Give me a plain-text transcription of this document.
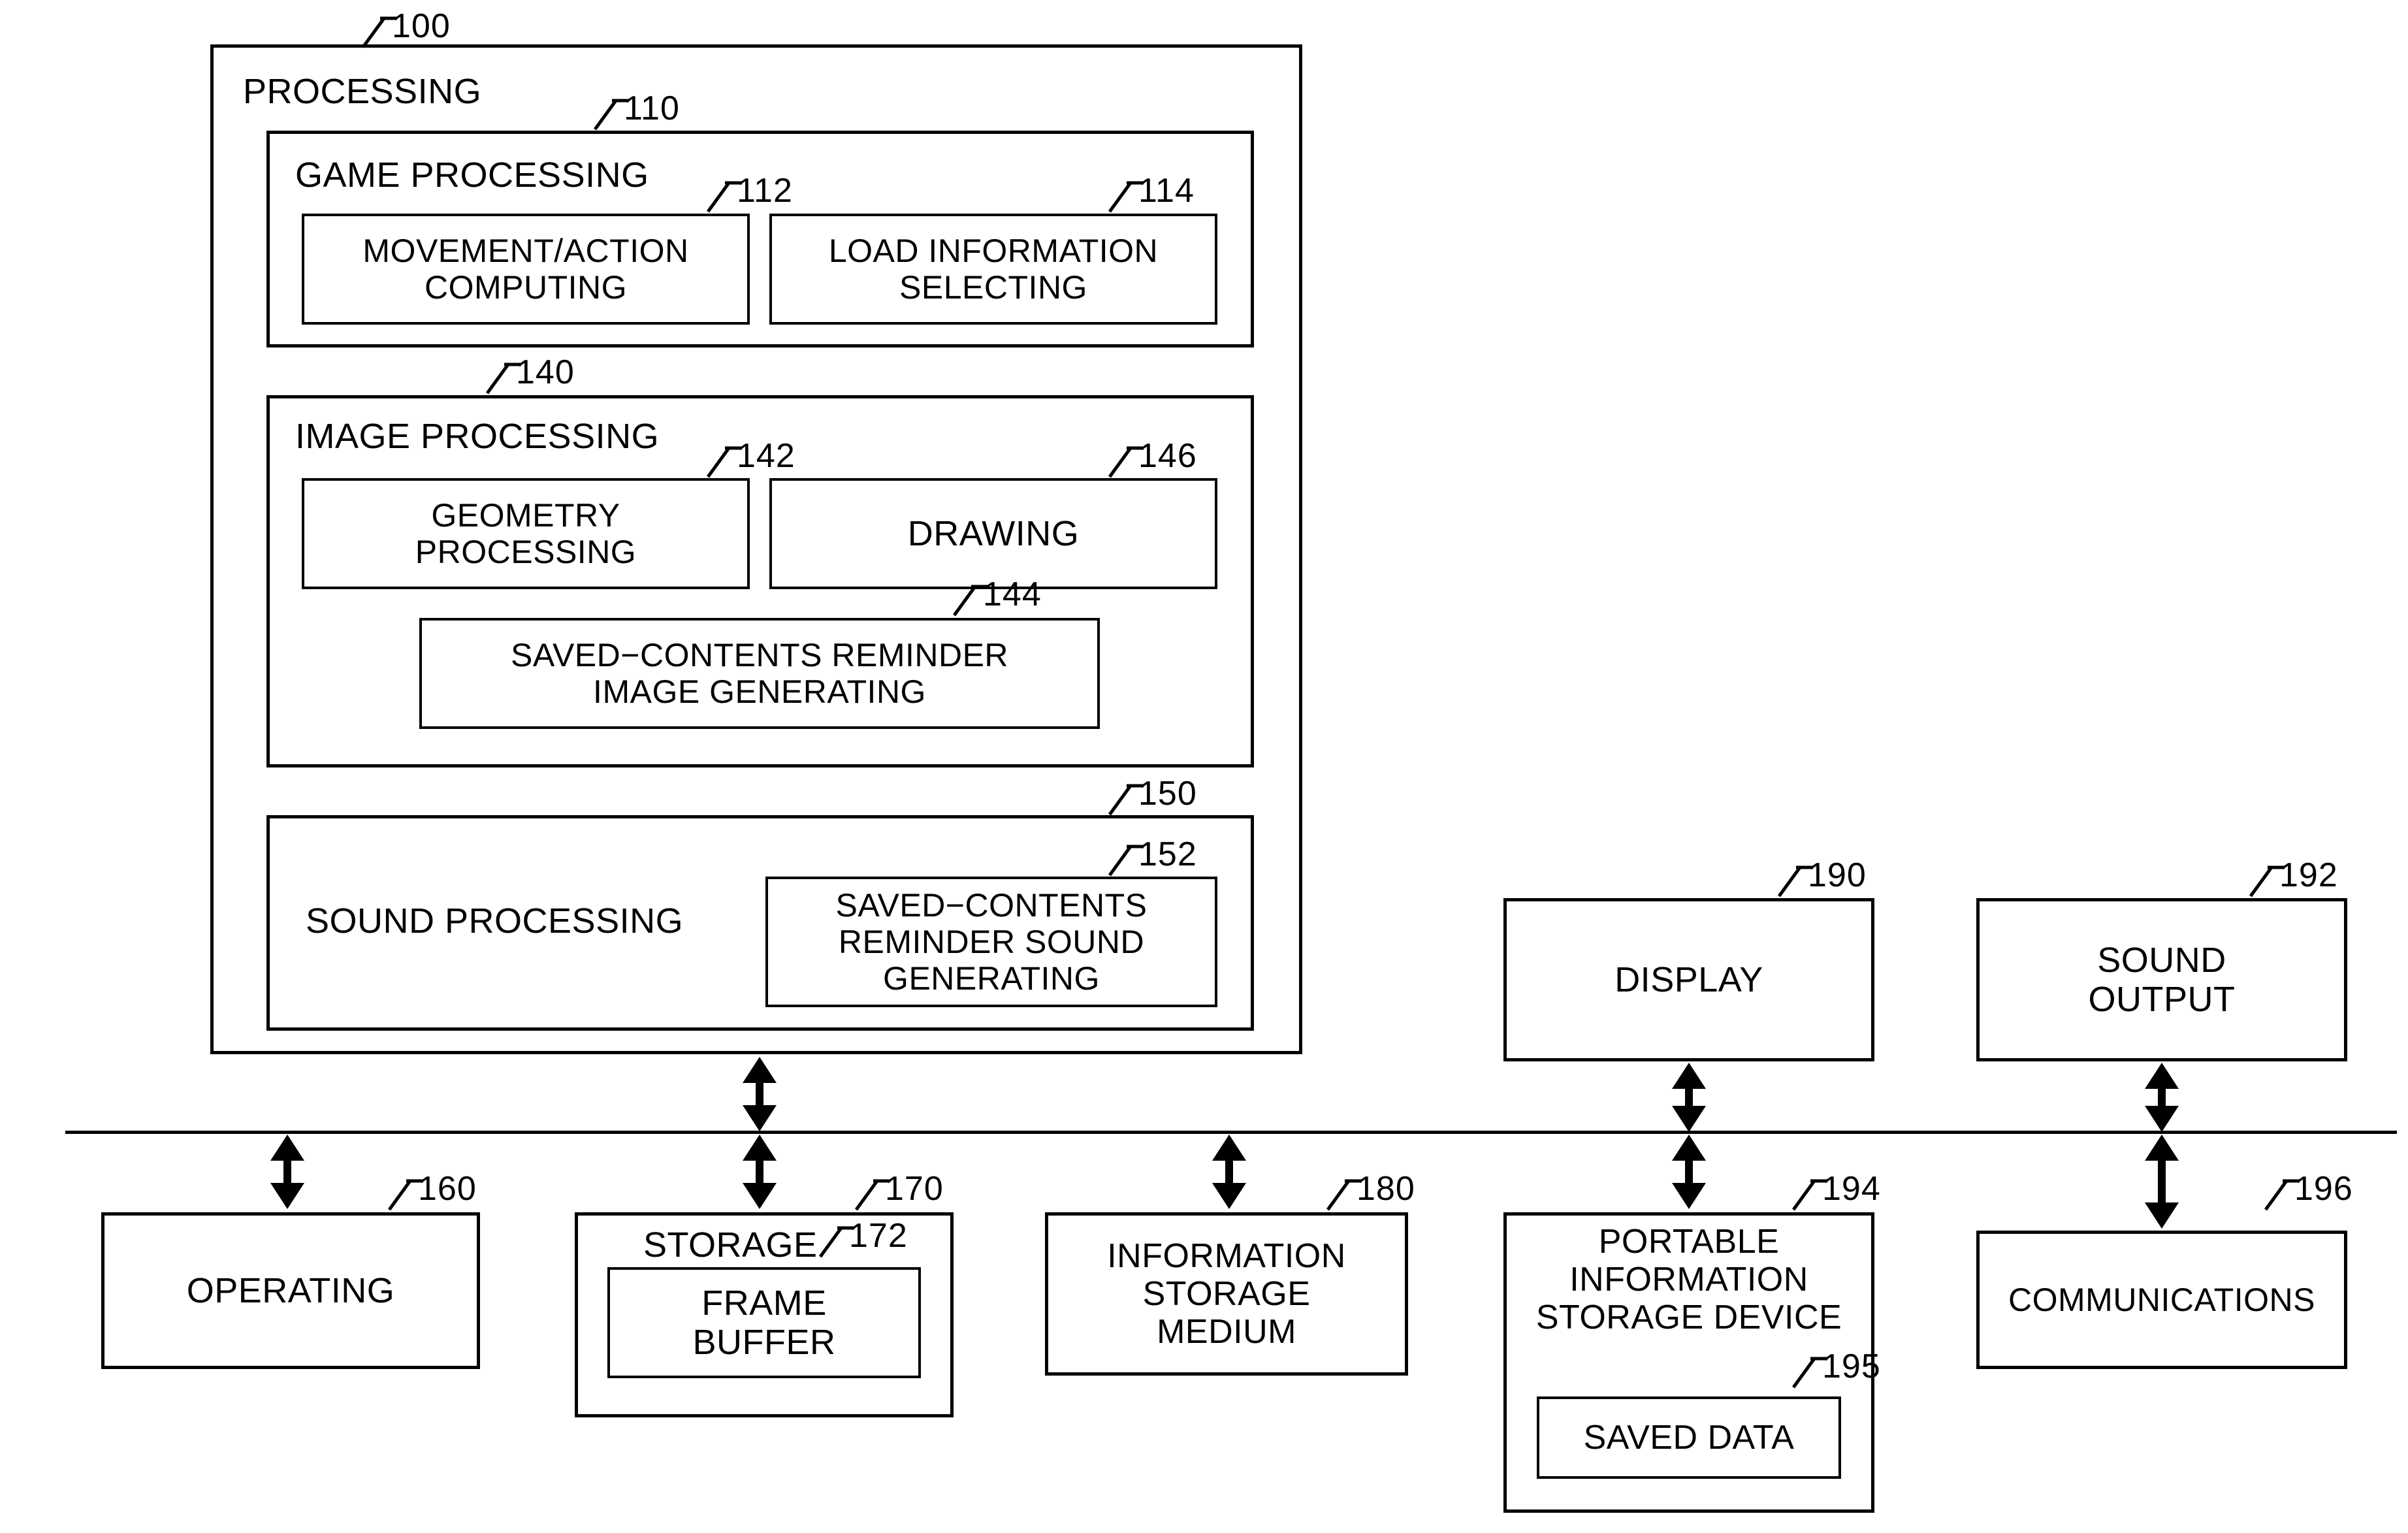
100
PROCESSING	110
GAME PROCESSING	112
MOVEMENT/ACTION
COMPUTING
114
LOAD INFORMATION
SELECTING
140
IMAGE PROCESSING	142
GEOMETRY
PROCESSING
146
DRAWING
144
SAVED−CONTENTS REMINDER
IMAGE GENERATING
150
SOUND PROCESSING
152
SAVED−CONTENTS
REMINDER SOUND
GENERATING
190
DISPLAY
192
SOUND
OUTPUT
160
OPERATING
170
STORAGE 172
FRAME
BUFFER
180
INFORMATION
STORAGE
MEDIUM
194
PORTABLE
INFORMATION
STORAGE DEVICE
195
SAVED DATA
196
COMMUNICATIONS
